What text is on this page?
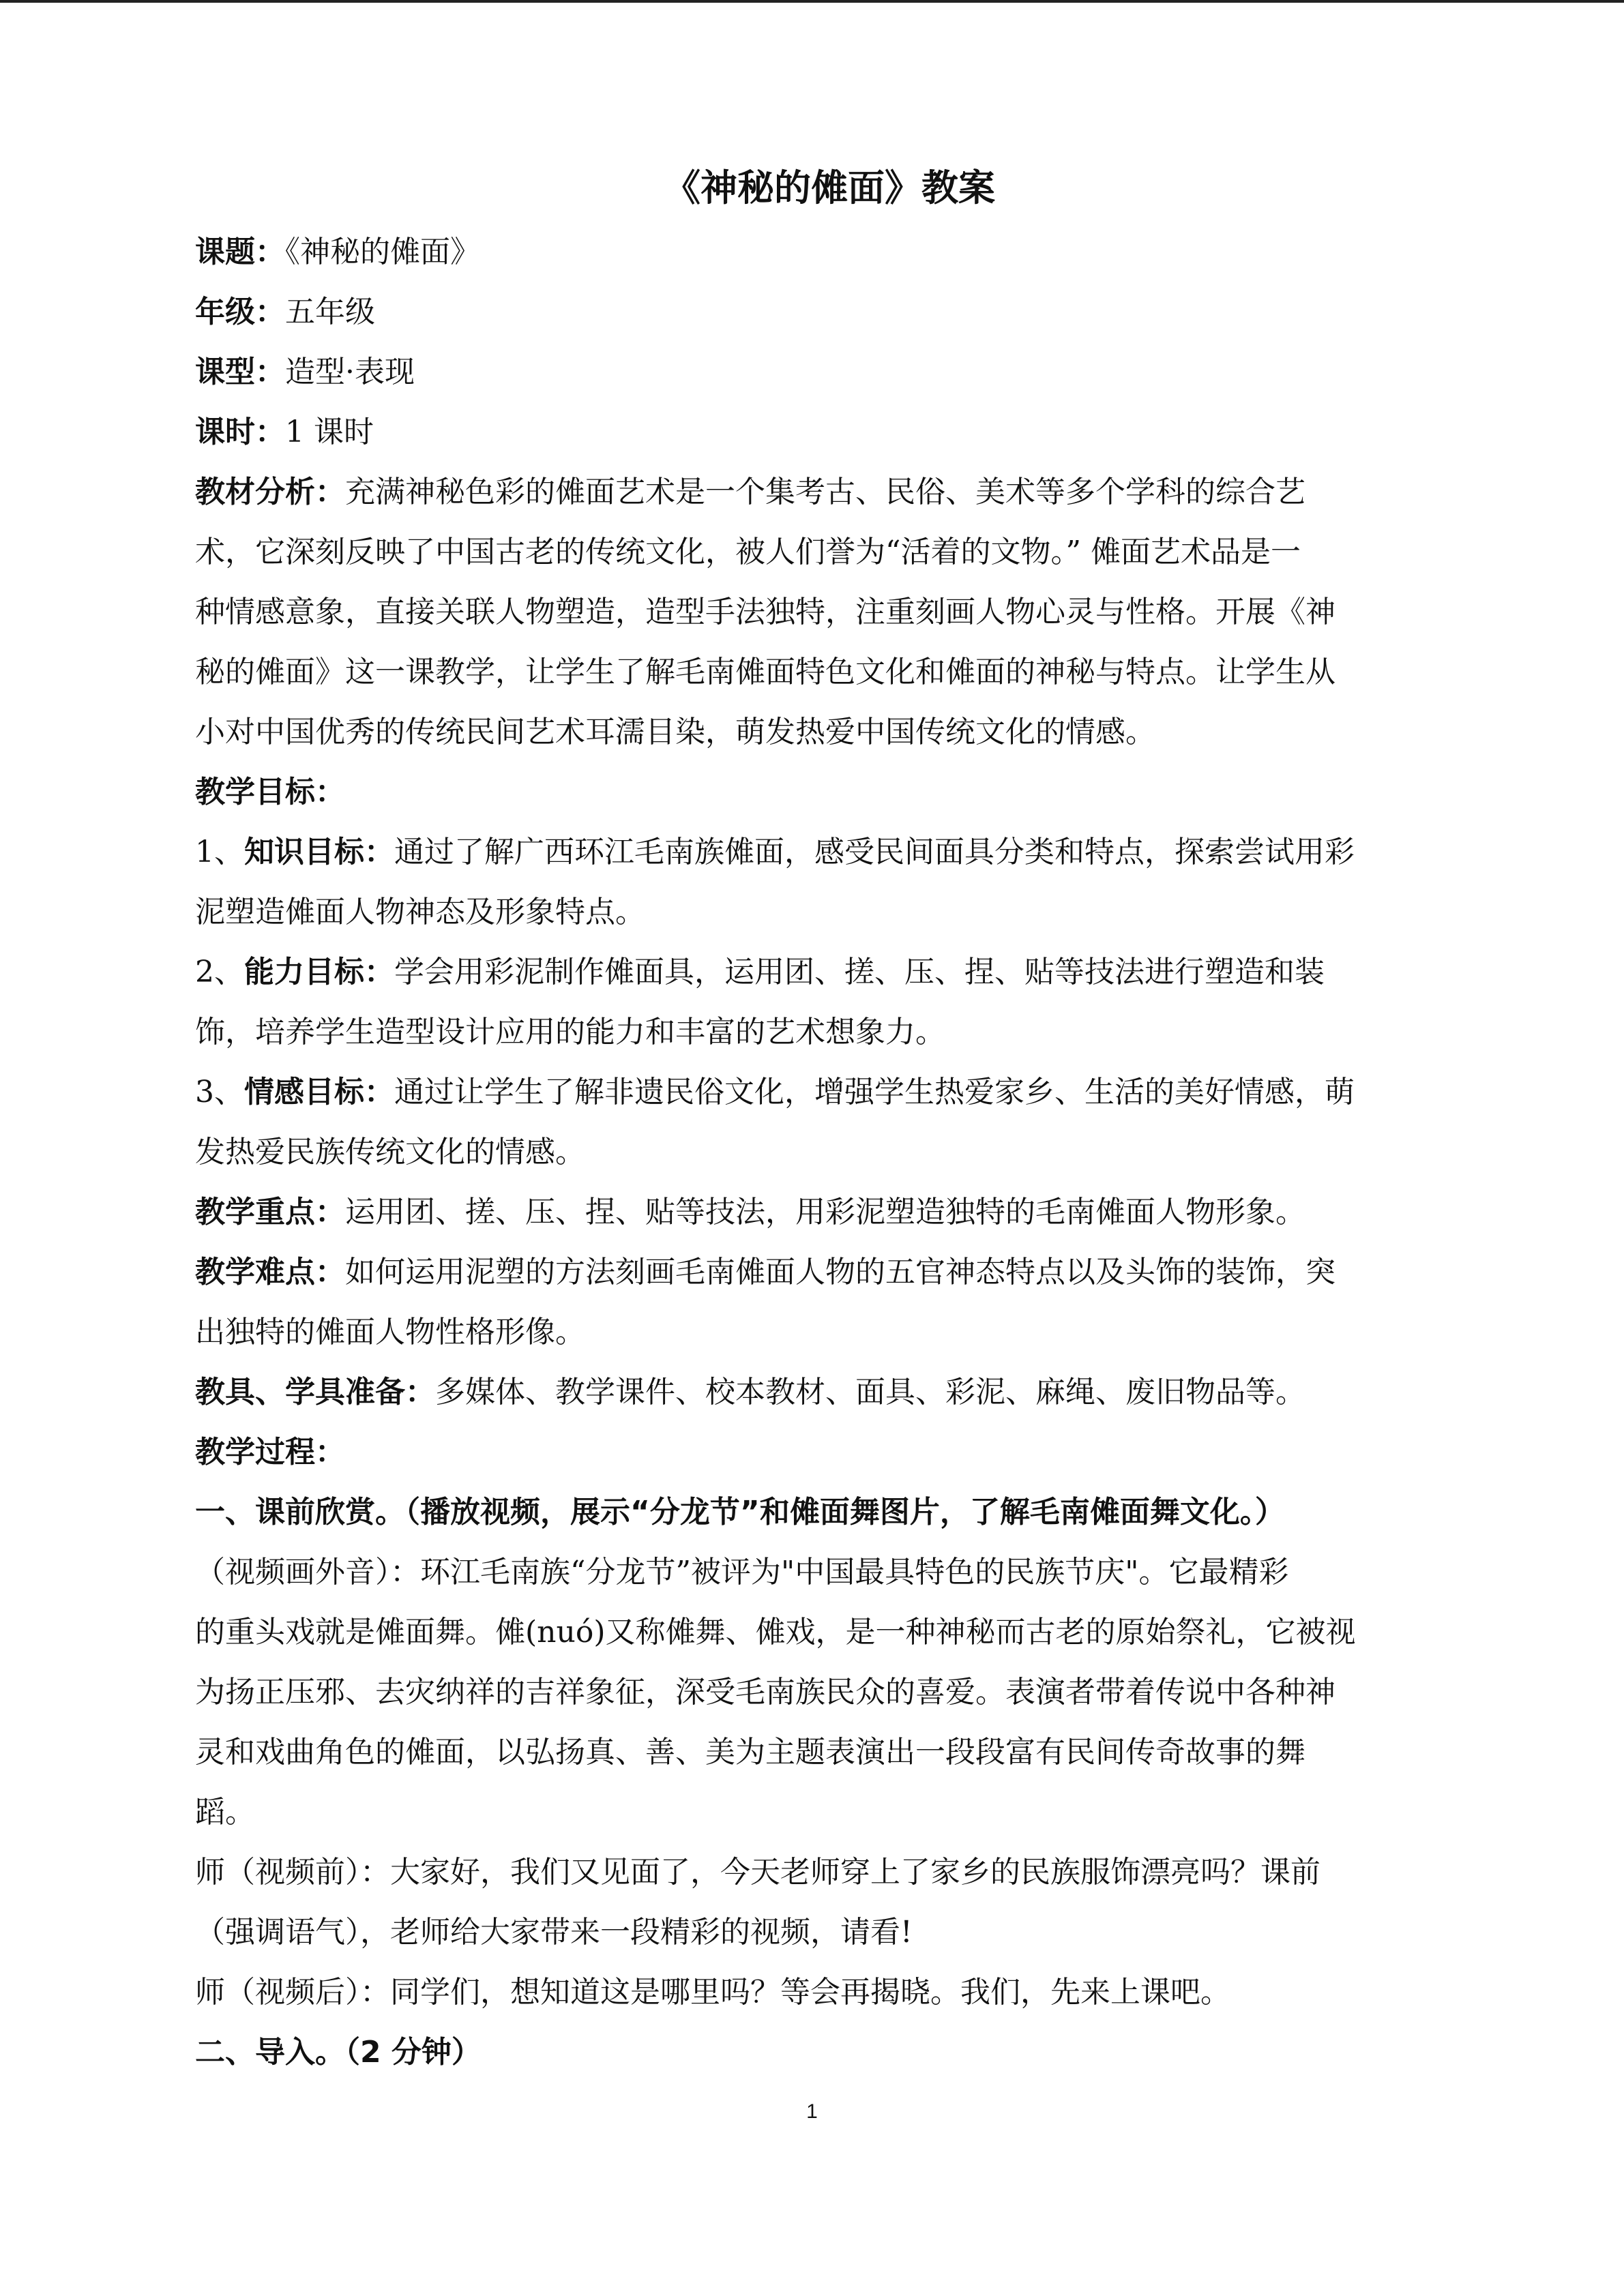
《神秘的傩面》教案

课题：《神秘的傩面》

年级：五年级

课型：造型·表现

课时：1 课时

教材分析：充满神秘色彩的傩面艺术是一个集考古、民俗、美术等多个学科的综合艺

术，它深刻反映了中国古老的传统文化，被人们誉为“活着的文物。” 傩面艺术品是一

种情感意象，直接关联人物塑造，造型手法独特，注重刻画人物心灵与性格。开展《神

秘的傩面》这一课教学，让学生了解毛南傩面特色文化和傩面的神秘与特点。让学生从

小对中国优秀的传统民间艺术耳濡目染，萌发热爱中国传统文化的情感。

教学目标：

1、知识目标：通过了解广西环江毛南族傩面，感受民间面具分类和特点，探索尝试用彩

泥塑造傩面人物神态及形象特点。

2、能力目标：学会用彩泥制作傩面具，运用团、搓、压、捏、贴等技法进行塑造和装

饰，培养学生造型设计应用的能力和丰富的艺术想象力。

3、情感目标：通过让学生了解非遗民俗文化，增强学生热爱家乡、生活的美好情感，萌

发热爱民族传统文化的情感。

教学重点：运用团、搓、压、捏、贴等技法，用彩泥塑造独特的毛南傩面人物形象。

教学难点：如何运用泥塑的方法刻画毛南傩面人物的五官神态特点以及头饰的装饰，突

出独特的傩面人物性格形像。

教具、学具准备：多媒体、教学课件、校本教材、面具、彩泥、麻绳、废旧物品等。

教学过程：

一、课前欣赏。（播放视频，展示“分龙节”和傩面舞图片，了解毛南傩面舞文化。）

（视频画外音）：环江毛南族“分龙节”被评为"中国最具特色的民族节庆"。它最精彩

的重头戏就是傩面舞。傩(nuó)又称傩舞、傩戏，是一种神秘而古老的原始祭礼，它被视

为扬正压邪、去灾纳祥的吉祥象征，深受毛南族民众的喜爱。表演者带着传说中各种神

灵和戏曲角色的傩面，以弘扬真、善、美为主题表演出一段段富有民间传奇故事的舞

蹈。

师（视频前）：大家好，我们又见面了，今天老师穿上了家乡的民族服饰漂亮吗？课前

（强调语气），老师给大家带来一段精彩的视频，请看!

师（视频后）：同学们，想知道这是哪里吗？等会再揭晓。我们，先来上课吧。

二、导入。（2 分钟）

1
